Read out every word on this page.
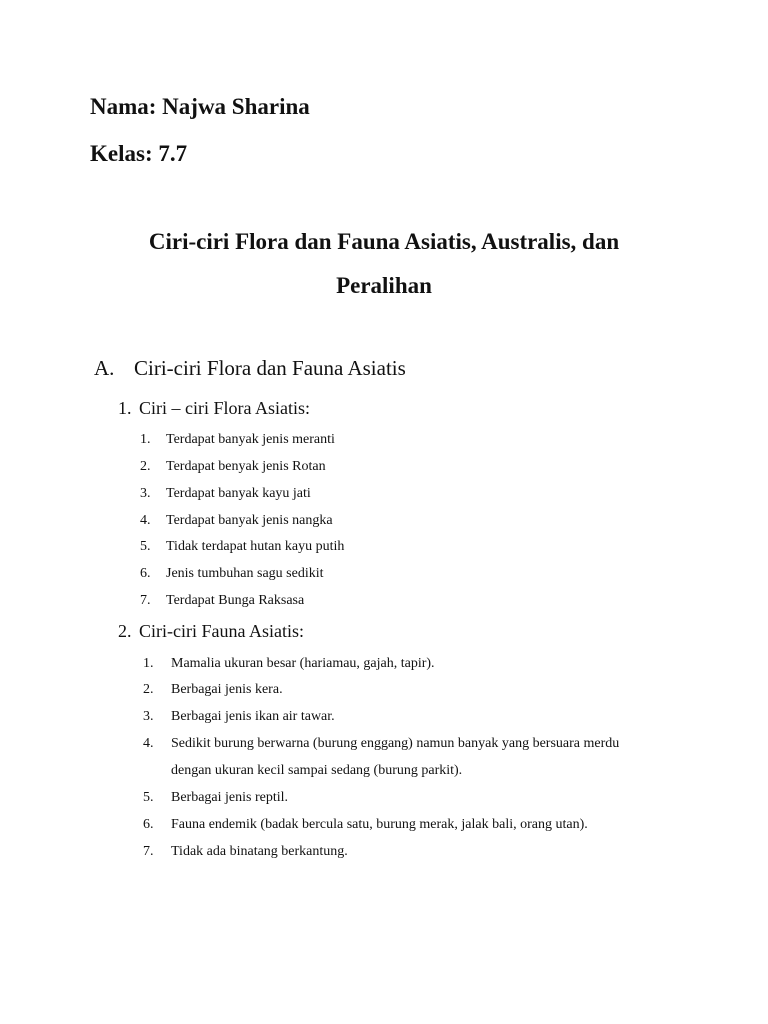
Nama: Najwa Sharina
Kelas: 7.7
Ciri-ciri Flora dan Fauna Asiatis, Australis, dan
Peralihan
A. Ciri-ciri Flora dan Fauna Asiatis
1. Ciri – ciri Flora Asiatis:
1. Terdapat banyak jenis meranti
2. Terdapat benyak jenis Rotan
3. Terdapat banyak kayu jati
4. Terdapat banyak jenis nangka
5. Tidak terdapat hutan kayu putih
6. Jenis tumbuhan sagu sedikit
7. Terdapat Bunga Raksasa
2. Ciri-ciri Fauna Asiatis:
1. Mamalia ukuran besar (hariamau, gajah, tapir).
2. Berbagai jenis kera.
3. Berbagai jenis ikan air tawar.
4. Sedikit burung berwarna (burung enggang) namun banyak yang bersuara merdu
dengan ukuran kecil sampai sedang (burung parkit).
5. Berbagai jenis reptil.
6. Fauna endemik (badak bercula satu, burung merak, jalak bali, orang utan).
7. Tidak ada binatang berkantung.
